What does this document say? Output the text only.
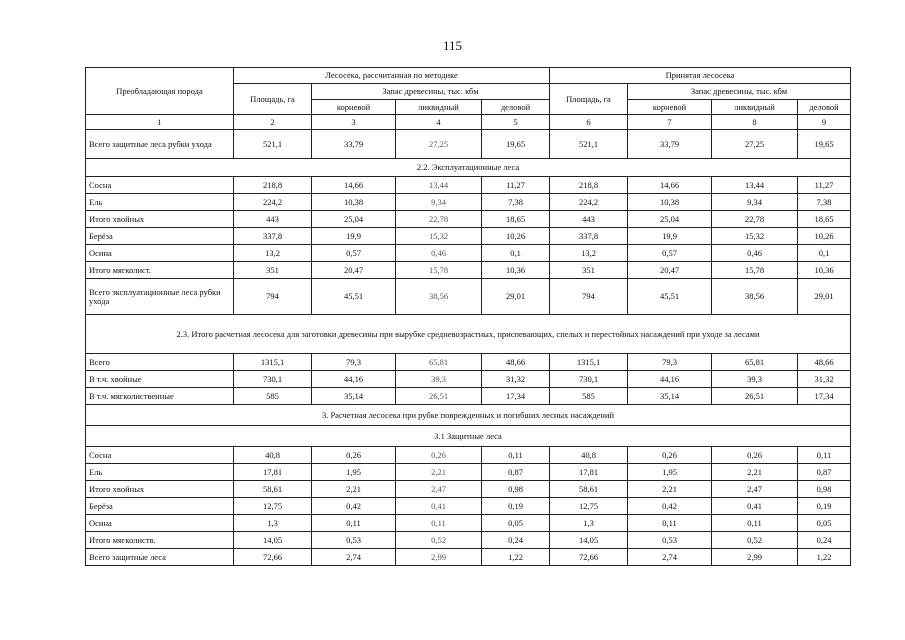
115
Преобладающая порода	Лесосека, рассчитанная по методике				Принятая лесосека			
	Площадь, га	Запас древесины, тыс. кбм			Площадь, га	Запас древесины, тыс. кбм		
		корневой	ликвидный	деловой		корневой	ликвидный	деловой
1	2	3	4	5	6	7	8	9
Всего защитные леса рубки ухода	521,1	33,79	27,25	19,65	521,1	33,79	27,25	19,65
2.2. Эксплуатационные леса								
Сосна	218,8	14,66	13,44	11,27	218,8	14,66	13,44	11,27
Ель	224,2	10,38	9,34	7,38	224,2	10,38	9,34	7,38
Итого хвойных	443	25,04	22,78	18,65	443	25,04	22,78	18,65
Берёза	337,8	19,9	15,32	10,26	337,8	19,9	15,32	10,26
Осина	13,2	0,57	0,46	0,1	13,2	0,57	0,46	0,1
Итого мягколист.	351	20,47	15,78	10,36	351	20,47	15,78	10,36
Всего эксплуатационные леса рубки ухода	794	45,51	38,56	29,01	794	45,51	38,56	29,01
2.3. Итого расчетная лесосека для заготовки древесины при вырубке средневозрастных, приспевающих, спелых и перестойных насаждений при уходе за лесами								
Всего	1315,1	79,3	65,81	48,66	1315,1	79,3	65,81	48,66
В т.ч. хвойные	730,1	44,16	39,3	31,32	730,1	44,16	39,3	31,32
В т.ч. мягколиственные	585	35,14	26,51	17,34	585	35,14	26,51	17,34
3. Расчетная лесосека при рубке поврежденных и погибших лесных насаждений								
3.1 Защитные леса								
Сосна	40,8	0,26	0,26	0,11	40,8	0,26	0,26	0,11
Ель	17,81	1,95	2,21	0,87	17,81	1,95	2,21	0,87
Итого хвойных	58,61	2,21	2,47	0,98	58,61	2,21	2,47	0,98
Берёза	12,75	0,42	0,41	0,19	12,75	0,42	0,41	0,19
Осина	1,3	0,11	0,11	0,05	1,3	0,11	0,11	0,05
Итого мягколиств.	14,05	0,53	0,52	0,24	14,05	0,53	0,52	0,24
Всего защитные леса	72,66	2,74	2,99	1,22	72,66	2,74	2,99	1,22
